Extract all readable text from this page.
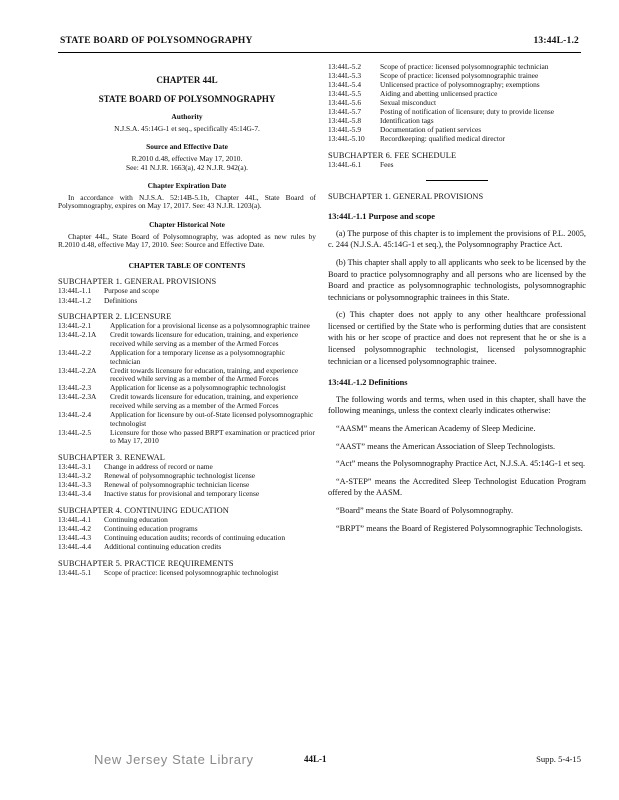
STATE BOARD OF POLYSOMNOGRAPHY	13:44L-1.2
CHAPTER 44L
STATE BOARD OF POLYSOMNOGRAPHY
Authority
N.J.S.A. 45:14G-1 et seq., specifically 45:14G-7.
Source and Effective Date
R.2010 d.48, effective May 17, 2010.
See: 41 N.J.R. 1663(a), 42 N.J.R. 942(a).
Chapter Expiration Date
In accordance with N.J.S.A. 52:14B-5.1b, Chapter 44L, State Board of Polysomnography, expires on May 17, 2017. See: 43 N.J.R. 1203(a).
Chapter Historical Note
Chapter 44L, State Board of Polysomnography, was adopted as new rules by R.2010 d.48, effective May 17, 2010. See: Source and Effective Date.
CHAPTER TABLE OF CONTENTS
SUBCHAPTER 1. GENERAL PROVISIONS
13:44L-1.1	Purpose and scope
13:44L-1.2	Definitions
SUBCHAPTER 2. LICENSURE
13:44L-2.1	Application for a provisional license as a polysomnographic trainee
13:44L-2.1A	Credit towards licensure for education, training, and experience received while serving as a member of the Armed Forces
13:44L-2.2	Application for a temporary license as a polysomnographic technician
13:44L-2.2A	Credit towards licensure for education, training, and experience received while serving as a member of the Armed Forces
13:44L-2.3	Application for license as a polysomnographic technologist
13:44L-2.3A	Credit towards licensure for education, training, and experience received while serving as a member of the Armed Forces
13:44L-2.4	Application for licensure by out-of-State licensed polysomnographic technologist
13:44L-2.5	Licensure for those who passed BRPT examination or practiced prior to May 17, 2010
SUBCHAPTER 3. RENEWAL
13:44L-3.1	Change in address of record or name
13:44L-3.2	Renewal of polysomnographic technologist license
13:44L-3.3	Renewal of polysomnographic technician license
13:44L-3.4	Inactive status for provisional and temporary license
SUBCHAPTER 4. CONTINUING EDUCATION
13:44L-4.1	Continuing education
13:44L-4.2	Continuing education programs
13:44L-4.3	Continuing education audits; records of continuing education
13:44L-4.4	Additional continuing education credits
SUBCHAPTER 5. PRACTICE REQUIREMENTS
13:44L-5.1	Scope of practice: licensed polysomnographic technologist
13:44L-5.2	Scope of practice: licensed polysomnographic technician
13:44L-5.3	Scope of practice: licensed polysomnographic trainee
13:44L-5.4	Unlicensed practice of polysomnography; exemptions
13:44L-5.5	Aiding and abetting unlicensed practice
13:44L-5.6	Sexual misconduct
13:44L-5.7	Posting of notification of licensure; duty to provide license
13:44L-5.8	Identification tags
13:44L-5.9	Documentation of patient services
13:44L-5.10	Recordkeeping: qualified medical director
SUBCHAPTER 6. FEE SCHEDULE
13:44L-6.1	Fees
SUBCHAPTER 1. GENERAL PROVISIONS
13:44L-1.1 Purpose and scope
(a) The purpose of this chapter is to implement the provisions of P.L. 2005, c. 244 (N.J.S.A. 45:14G-1 et seq.), the Polysomnography Practice Act.
(b) This chapter shall apply to all applicants who seek to be licensed by the Board to practice polysomnography and all persons who are licensed by the Board and practice as polysomnographic technologists, polysomnographic technicians or polysomnographic trainees in this State.
(c) This chapter does not apply to any other healthcare professional licensed or certified by the State who is performing duties that are consistent with his or her scope of practice and does not represent that he or she is a licensed polysomnographic technologist, licensed polysomnographic technician or a licensed polysomnographic trainee.
13:44L-1.2 Definitions
The following words and terms, when used in this chapter, shall have the following meanings, unless the context clearly indicates otherwise:
“AASM” means the American Academy of Sleep Medicine.
“AAST” means the American Association of Sleep Technologists.
“Act” means the Polysomnography Practice Act, N.J.S.A. 45:14G-1 et seq.
“A-STEP” means the Accredited Sleep Technologist Education Program offered by the AASM.
“Board” means the State Board of Polysomnography.
“BRPT” means the Board of Registered Polysomnographic Technologists.
New Jersey State Library	44L-1	Supp. 5-4-15
